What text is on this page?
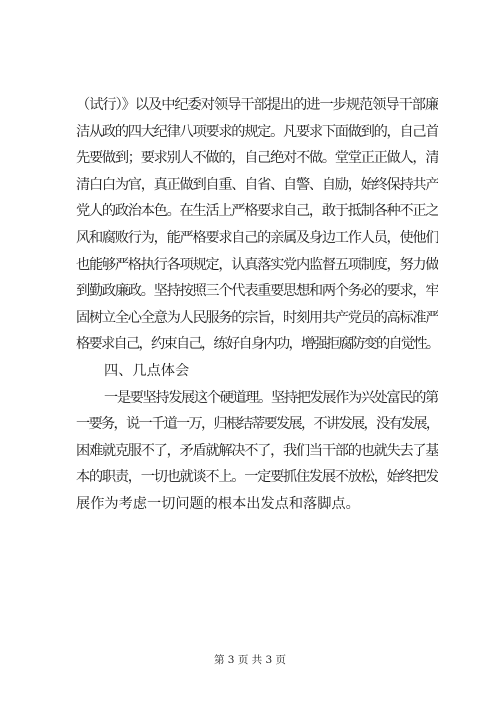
（试行）》以及中纪委对领导干部提出的进一步规范领导干部廉
洁从政的四大纪律八项要求的规定。凡要求下面做到的，自己首
先要做到；要求别人不做的，自己绝对不做。堂堂正正做人，清
清白白为官，真正做到自重、自省、自警、自励，始终保持共产
党人的政治本色。在生活上严格要求自己，敢于抵制各种不正之
风和腐败行为，能严格要求自己的亲属及身边工作人员，使他们
也能够严格执行各项规定，认真落实党内监督五项制度，努力做
到勤政廉政。坚持按照三个代表重要思想和两个务必的要求，牢
固树立全心全意为人民服务的宗旨，时刻用共产党员的高标准严
格要求自己，约束自己，练好自身内功，增强拒腐防变的自觉性。
四、几点体会
一是要坚持发展这个硬道理。坚持把发展作为兴处富民的第
一要务，说一千道一万，归根结蒂要发展，不讲发展，没有发展，
困难就克服不了，矛盾就解决不了，我们当干部的也就失去了基
本的职责，一切也就谈不上。一定要抓住发展不放松，始终把发
展作为考虑一切问题的根本出发点和落脚点。
第 3 页 共 3 页
